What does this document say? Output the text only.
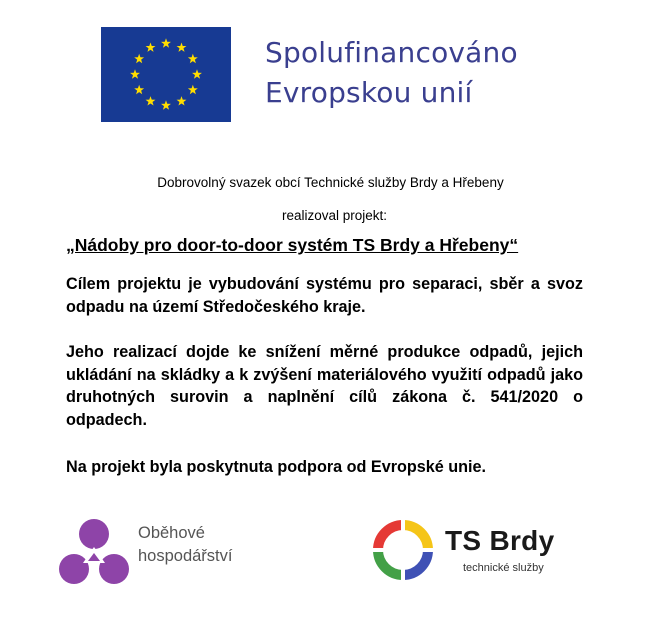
Spolufinancováno
Evropskou unií
Dobrovolný svazek obcí Technické služby Brdy a Hřebeny
realizoval projekt:
„Nádoby pro door-to-door systém TS Brdy a Hřebeny“
Cílem projektu je vybudování systému pro separaci, sběr a svoz odpadu na území Středočeského kraje.
Jeho realizací dojde ke snížení měrné produkce odpadů, jejich ukládání na skládky a k zvýšení materiálového využití odpadů jako druhotných surovin a naplnění cílů zákona č. 541/2020 o odpadech.
Na projekt byla poskytnuta podpora od Evropské unie.
Oběhové
hospodářství	TS Brdy
technické služby
